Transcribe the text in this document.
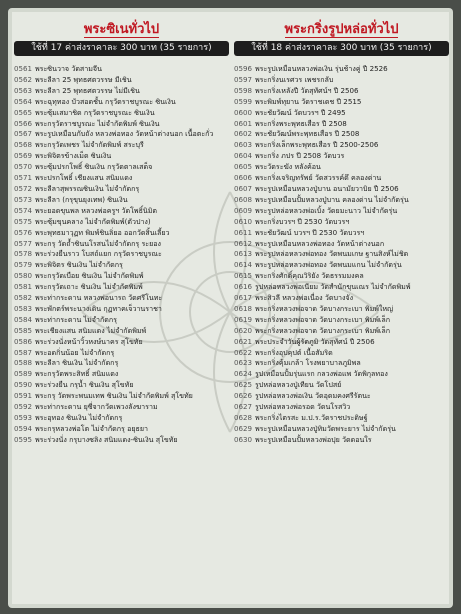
พระซิเนทั่วไป
ใช้ที่ 17 ค่าส่งราคาละ 300 บาท (35 รายการ)
0561 พระซินวาจ วัดสามจีน
0562 พระลีลา 25 พุทธศตวรรษ มีเชิน
0563 พระลีลา 25 พุทธศตวรรษ ไม่มีเชิน
0564 พระฉุทุทอง บัวสอดชั้น กรุวัดราชบูรณะ ซินเงิน
0565 พระซุ้มเสมาชิด กรุวัดราชบูรณะ ซินเงิน
0566 พระกรุวัดราชบูรณะ ไม่จำกัดพิมพ์ ซินเงิน
0567 พระรูปเหมือนกับถัง หลวงพ่อทอง วัดหน้าต่างนอก เนื้อตะกั่ว
0568 พระกรุวัดเพชร ไม่จำกัดพิมพ์ สระบุรี
0569 พระพิจิตรข้างเม็ด ซินเงิน
0570 พระซุ้มปรกโพธิ์ ซินเงิน กรุวัดตาลเสด็จ
0571 พระปรกโพธิ์ เชียงแสน สนิมแดง
0572 พระลีลาสุพรรณซินเงิน ไม่จำกัดกรุ
0573 พระลีลา (กรุขุนยุงเทพ) ซินเงิน
0574 พระยอดขุนพล หลวงพ่อครูฯ วัดโพธิ์นิมิต
0575 พระซุ้มขุนคลาง ไม่จำกัดพิมพ์(ตัวปาง)
0576 พระพุทธมาวุฏท พิมพ์ชินลิ่ยอ ออกวัดสิ้นเลี้ยว
0577 พระกรุ วัดถ้ำซินนโรสนไม่จำกัดกรุ ระยอง
0578 พระร่วงยืนราว โบสถ์แยก กรุวัดราชบูรณะ
0579 พระพิจิตร ซินเงิน ไม่จำกัดกรุ
0580 พระกรุวัดเบือย ซินเงิน ไม่จำกัดพิมพ์
0581 พระกรุวัดเถาะ ซินเงิน ไม่จำกัดพิมพ์
0582 พระท่ากระดาน หลวงพ่อนารถ วัดศรีโนทะ
0583 พระพักตร์พระนางเดิน กุฏทาคเจ็วานราชา
0584 พระท่ากระดาน ไม่จำกัดกรุ
0585 พระเชียงแสน สนิมแดง ไม่จำกัดพิมพ์
0586 พระร่วงนั่งหน้าวิ้วหงษ์นาคร สุโขทัย
0587 พระอดกิ่นน้อย ไม่จำกัดกรุ
0588 พระลีลา ซินเงิน ไม่จำกัดกรุ
0589 พระกรุวัดพระสิทธิ์ สนิมแดง
0590 พระร่วงยืน กรุน้ำ ซินเงิน สุโขทัย
0591 พระกรุ วัดพระพนมเทพ ซินเงิน ไม่จำกัดพิมพ์ สุโขทัย
0592 พระท่ากระดาน ยุซี่จากวัดเพวงลังฆาราม
0593 พระอุทอง ซินเงิน ไม่จำกัดกรุ
0594 พระกรุหลวงพ่อโต ไม่จำกัดกรุ อยุธยา
0595 พระร่วงนั่ง กรุบางซลิง สนิมแดง-ซินเงิน สุโขทัย
พระกริ่งรูปหล่อทั่วไป
ใช้ที่ 18 ค่าส่งราคาละ 300 บาท (35 รายการ)
0596 พระรูปเหมือนหลวงพ่อเงิน รุ่นช้างคู่ ปี 2526
0597 พระกริ่งนเรศวร เพชรกลับ
0598 พระกริ่งเหลังปี วัดสุทัศน์ฯ ปี 2506
0599 พระพิมพ์ทุยาน วัดราชเดช ปี 2515
0600 พระชัยวัฒน์ วัดบวรฯ ปี 2495
0601 พระกริ่งพระพุทธเสือร ปี 2508
0602 พระชัยวัฒน์พระพุทธเสือร ปี 2508
0603 พระกริ่งเล็กพระพุทธเสือร ปี 2500-2506
0604 พระกริ่ง ภปร ปี 2508 วัดบวร
0605 พระวัดระฆัง หลังค้อน
0606 พระกริ่งเจริญทรัพย์ วัดสวรรค์ดึ คลองด่าน
0607 พระรูปเหมือนหลวงปู่บาน อนามัยวาบิย ปี 2506
0608 พระรูปเหมือนปั้มหลวงปู่บาน คลองด่าน ไม่จำกัดรุ่น
0609 พระรูปหล่อหลวงพ่อเบิ้ง วัดยมะนาว ไม่จำกัดรุ่น
0610 พระกริ่งบวรฯ ปี 2530 วัดบวรฯ
0611 พระชัยวัฒน์ บวรฯ ปี 2530 วัดบวรฯ
0612 พระรูปเหมือนหลวงพ่อทอง วัดหน้าต่างนอก
0613 พระรูปหล่อหลวงพ่อทอง วัดพนมเกษ ฐานสิงห์ไม่ชิด
0614 พระรูปหล่อหลวงพ่อทอง วัดพนมแกน ไม่จำกัดรุ่น
0615 พระกริ่งศักดิ์คุณวิริยัง วัดธรรมมงคล
0616 รูปหล่อหลวงพ่อเนียม วัดสำนักขุนเณร ไม่จำกัดพิมพ์
0617 พระสิวลี หลวงพ่อเนื่อง วัดบางจัง
0618 พระกริ่งหลวงพ่อจาด วัดบางกระเบา พิมพ์ใหญ่
0619 พระกริ่งหลวงพ่อจาด วัดบางกระเบา พิมพ์เล็ก
0620 พระกริ่งหลวงพ่อจาด วัดบางกระเบา พิมพ์เล็ก
0621 พระประจำวันผู้รัตภูมิ วัดสุทัศน์ ปี 2506
0622 พระกริ่งอุปคุปต์ เนื้อสัมริด
0623 พระกริ่งคุ้มเกล้า โรงพยาบาลภูมิพล
0624 รูปเหมือนปั้มรุ่นแรก กลวงพ่อแพ วัดพิกุลทอง
0625 รูปหล่อหลวงปู่เทียน วัดโปสย์
0626 รูปหล่อหลวงพ่อเงิน วัดอุดมคงศรีรัตนะ
0627 รูปหล่อหลวงพ่อรอด วัดนโรสวิว
0628 พระกริ่งไตรสะ ม.ป.ร.วัดราชประดิษฐ์
0629 พระรูปเหมือนหลวงปู่ทิมวัดพระยาร ไม่จำกัดรุ่น
0630 พระรูปเหมือนปั้มหลวงพ่อปุย วัดดอนใร
